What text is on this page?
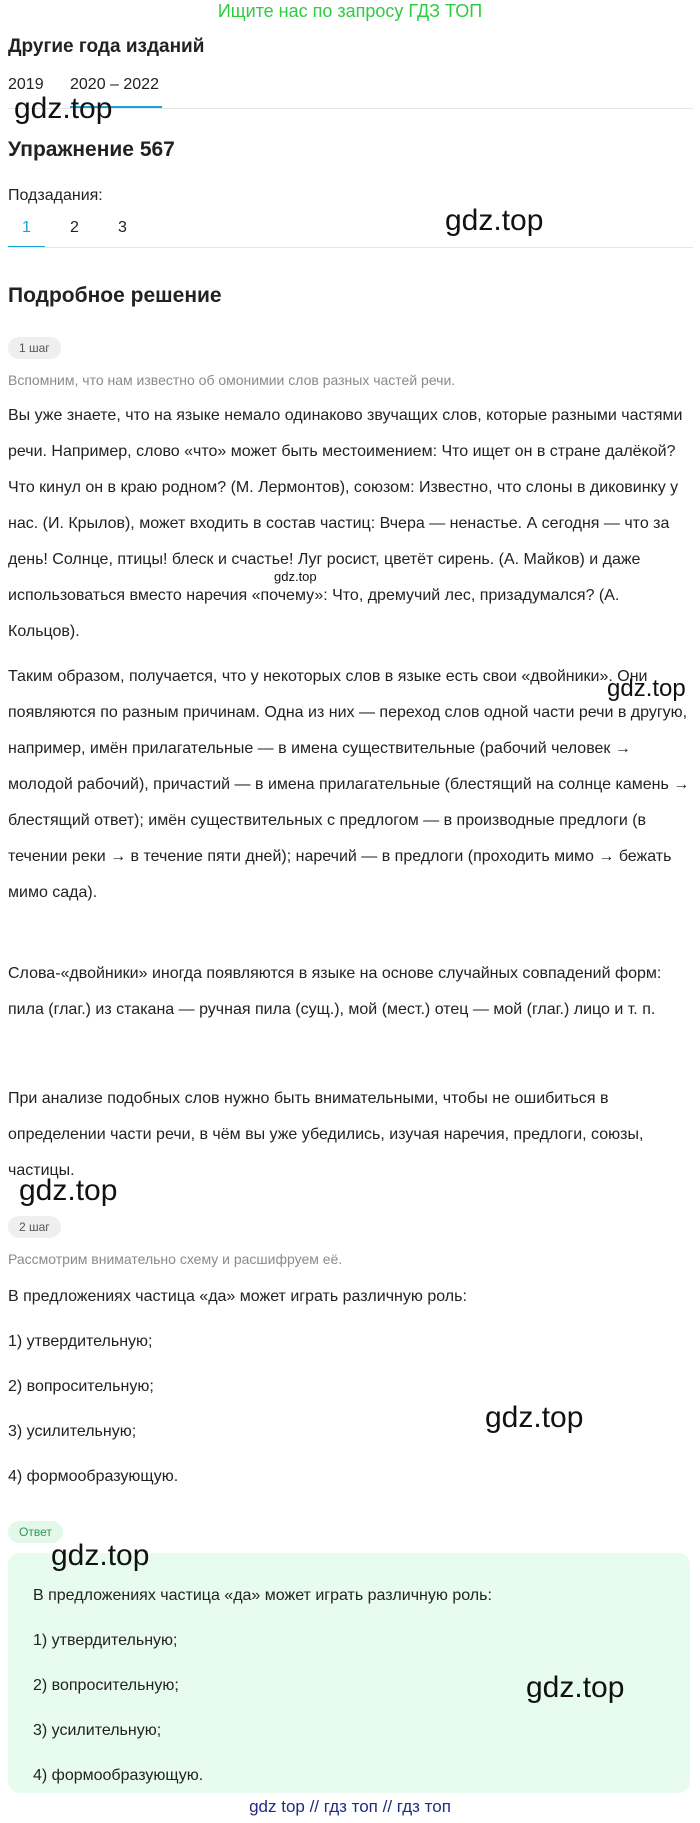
Ищите нас по запросу ГДЗ ТОП
Другие года изданий
2019 2020 – 2022
Упражнение 567
Подзадания:
1 2 3
Подробное решение
1 шаг
Вспомним, что нам известно об омонимии слов разных частей речи.

Вы уже знаете, что на языке немало одинаково звучащих слов, которые разными частями речи. Например, слово «что» может быть местоимением: Что ищет он в стране далёкой? Что кинул он в краю родном? (М. Лермонтов), союзом: Известно, что слоны в диковинку у нас. (И. Крылов), может входить в состав частиц: Вчера — ненастье. А сегодня — что за день! Солнце, птицы! блеск и счастье! Луг росист, цветёт сирень. (А. Майков) и даже использоваться вместо наречия «почему»: Что, дремучий лес, призадумался? (А. Кольцов).

Таким образом, получается, что у некоторых слов в языке есть свои «двойники». Они появляются по разным причинам. Одна из них — переход слов одной части речи в другую, например, имён прилагательные — в имена существительные (рабочий человек → молодой рабочий), причастий — в имена прилагательные (блестящий на солнце камень → блестящий ответ); имён существительных с предлогом — в производные предлоги (в течении реки → в течение пяти дней); наречий — в предлоги (проходить мимо → бежать мимо сада).

Слова-«двойники» иногда появляются в языке на основе случайных совпадений форм: пила (глаг.) из стакана — ручная пила (сущ.), мой (мест.) отец — мой (глаг.) лицо и т. п.

При анализе подобных слов нужно быть внимательными, чтобы не ошибиться в определении части речи, в чём вы уже убедились, изучая наречия, предлоги, союзы, частицы.

2 шаг
Рассмотрим внимательно схему и расшифруем её.
В предложениях частица «да» может играть различную роль:
1) утвердительную;
2) вопросительную;
3) усилительную;
4) формообразующую.
Ответ
В предложениях частица «да» может играть различную роль:
1) утвердительную;
2) вопросительную;
3) усилительную;
4) формообразующую.
gdz.top
gdz.top
gdz.top
gdz.top
gdz.top
gdz.top
gdz.top
gdz.top
gdz top // гдз топ // гдз топ
